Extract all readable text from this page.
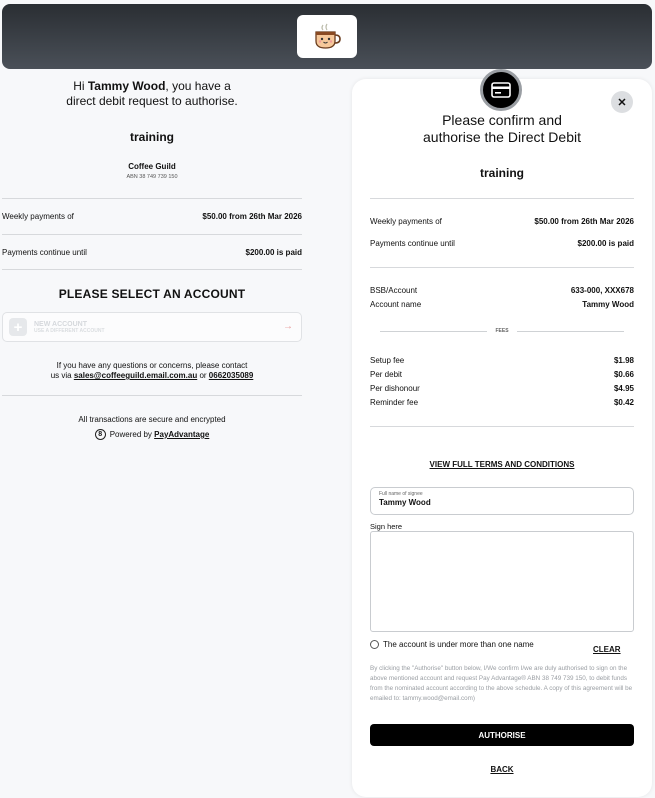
Hi Tammy Wood, you have a
direct debit request to authorise.
training
Coffee Guild
ABN 38 749 739 150
Weekly payments of	$50.00 from 26th Mar 2026
Payments continue until	$200.00 is paid
PLEASE SELECT AN ACCOUNT
+	NEW ACCOUNT
USE A DIFFERENT ACCOUNT	→
If you have any questions or concerns, please contact
us via sales@coffeeguild.email.com.au or 0662035089
All transactions are secure and encrypted
8 Powered by PayAdvantage
✕
Please confirm and
authorise the Direct Debit
training
Weekly payments of	$50.00 from 26th Mar 2026
Payments continue until	$200.00 is paid
BSB/Account	633-000, XXX678
Account name	Tammy Wood
FEES
Setup fee	$1.98
Per debit	$0.66
Per dishonour	$4.95
Reminder fee	$0.42
VIEW FULL TERMS AND CONDITIONS
Full name of signee
Tammy Wood
Sign here
The account is under more than one name
CLEAR
By clicking the "Authorise" button below, I/We confirm I/we are duly authorised to sign on the above mentioned account and request Pay Advantage® ABN 38 749 739 150, to debit funds from the nominated account according to the above schedule. A copy of this agreement will be emailed to: tammy.wood@email.com)
AUTHORISE
BACK
